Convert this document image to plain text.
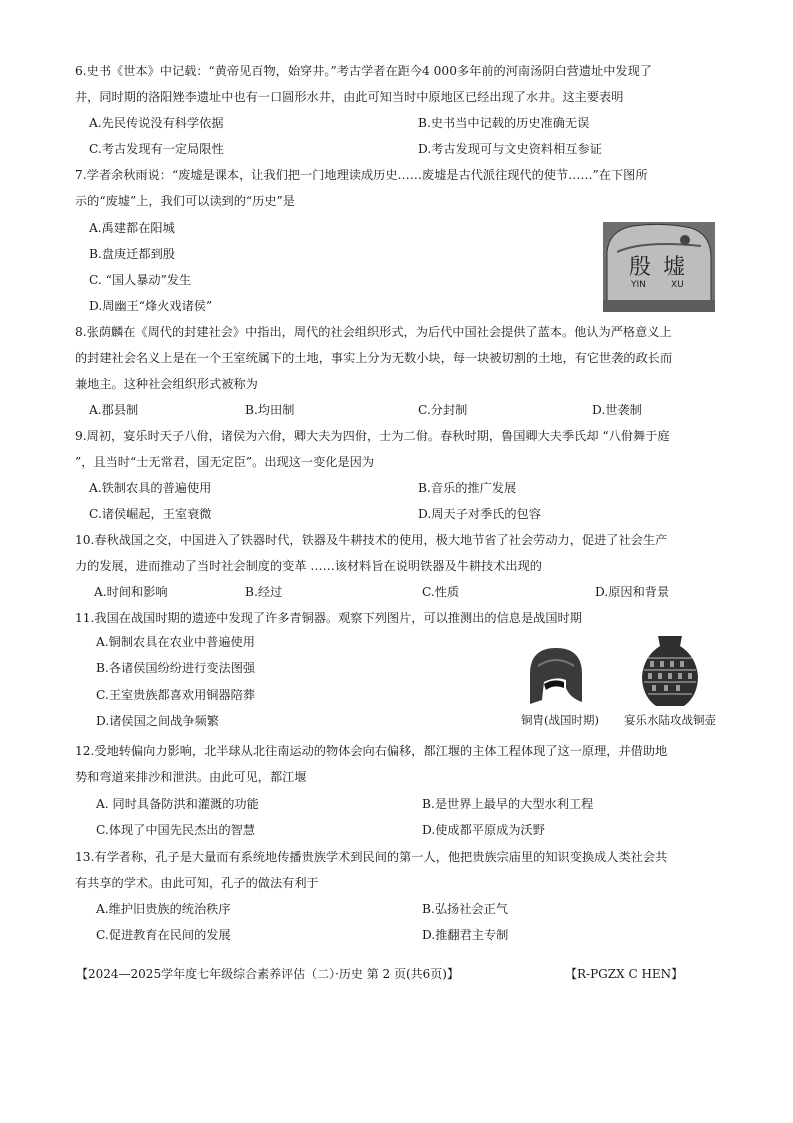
6.史书《世本》中记载：“黄帝见百物，始穿井。”考古学者在距今4 000多年前的河南汤阴白营遗址中发现了
井，同时期的洛阳矬李遗址中也有一口圆形水井，由此可知当时中原地区已经出现了水井。这主要表明
A.先民传说没有科学依据	B.史书当中记载的历史准确无误
C.考古发现有一定局限性	D.考古发现可与文史资料相互参证
7.学者余秋雨说：“废墟是课本，让我们把一门地理读成历史……废墟是古代派往现代的使节……”在下图所
示的“废墟”上，我们可以读到的“历史”是
A.禹建都在阳城
B.盘庚迁都到殷
C. “国人暴动”发生
D.周幽王“烽火戏诸侯”
殷 墟
YIN	XU
8.张荫麟在《周代的封建社会》中指出，周代的社会组织形式，为后代中国社会提供了蓝本。他认为严格意义上
的封建社会名义上是在一个王室统属下的土地，事实上分为无数小块，每一块被切割的土地，有它世袭的政长而
兼地主。这种社会组织形式被称为
A.郡县制	B.均田制	C.分封制	D.世袭制
9.周初，宴乐时天子八佾，诸侯为六佾，卿大夫为四佾，士为二佾。春秋时期，鲁国卿大夫季氏却 “八佾舞于庭
”，且当时“士无常君，国无定臣”。出现这一变化是因为
A.铁制农具的普遍使用	B.音乐的推广发展
C.诸侯崛起，王室衰微	D.周天子对季氏的包容
10.春秋战国之交，中国进入了铁器时代，铁器及牛耕技术的使用，极大地节省了社会劳动力，促进了社会生产
力的发展，进而推动了当时社会制度的变革 ……该材料旨在说明铁器及牛耕技术出现的
A.时间和影响	B.经过	C.性质	D.原因和背景
11.我国在战国时期的遗迹中发现了许多青铜器。观察下列图片，可以推测出的信息是战国时期
A.铜制农具在农业中普遍使用
B.各诸侯国纷纷进行变法图强
C.王室贵族都喜欢用铜器陪葬
D.诸侯国之间战争频繁	铜胄(战国时期) 宴乐水陆攻战铜壶
12.受地转偏向力影响，北半球从北往南运动的物体会向右偏移，都江堰的主体工程体现了这一原理，并借助地
势和弯道来排沙和泄洪。由此可见，都江堰
A. 同时具备防洪和灌溉的功能	B.是世界上最早的大型水利工程
C.体现了中国先民杰出的智慧	D.使成都平原成为沃野
13.有学者称，孔子是大量而有系统地传播贵族学术到民间的第一人，他把贵族宗庙里的知识变换成人类社会共
有共享的学术。由此可知，孔子的做法有利于
A.维护旧贵族的统治秩序	B.弘扬社会正气
C.促进教育在民间的发展	D.推翻君主专制
【2024—2025学年度七年级综合素养评估（二）·历史 第 2 页(共6页)】	【R-PGZX C HEN】
